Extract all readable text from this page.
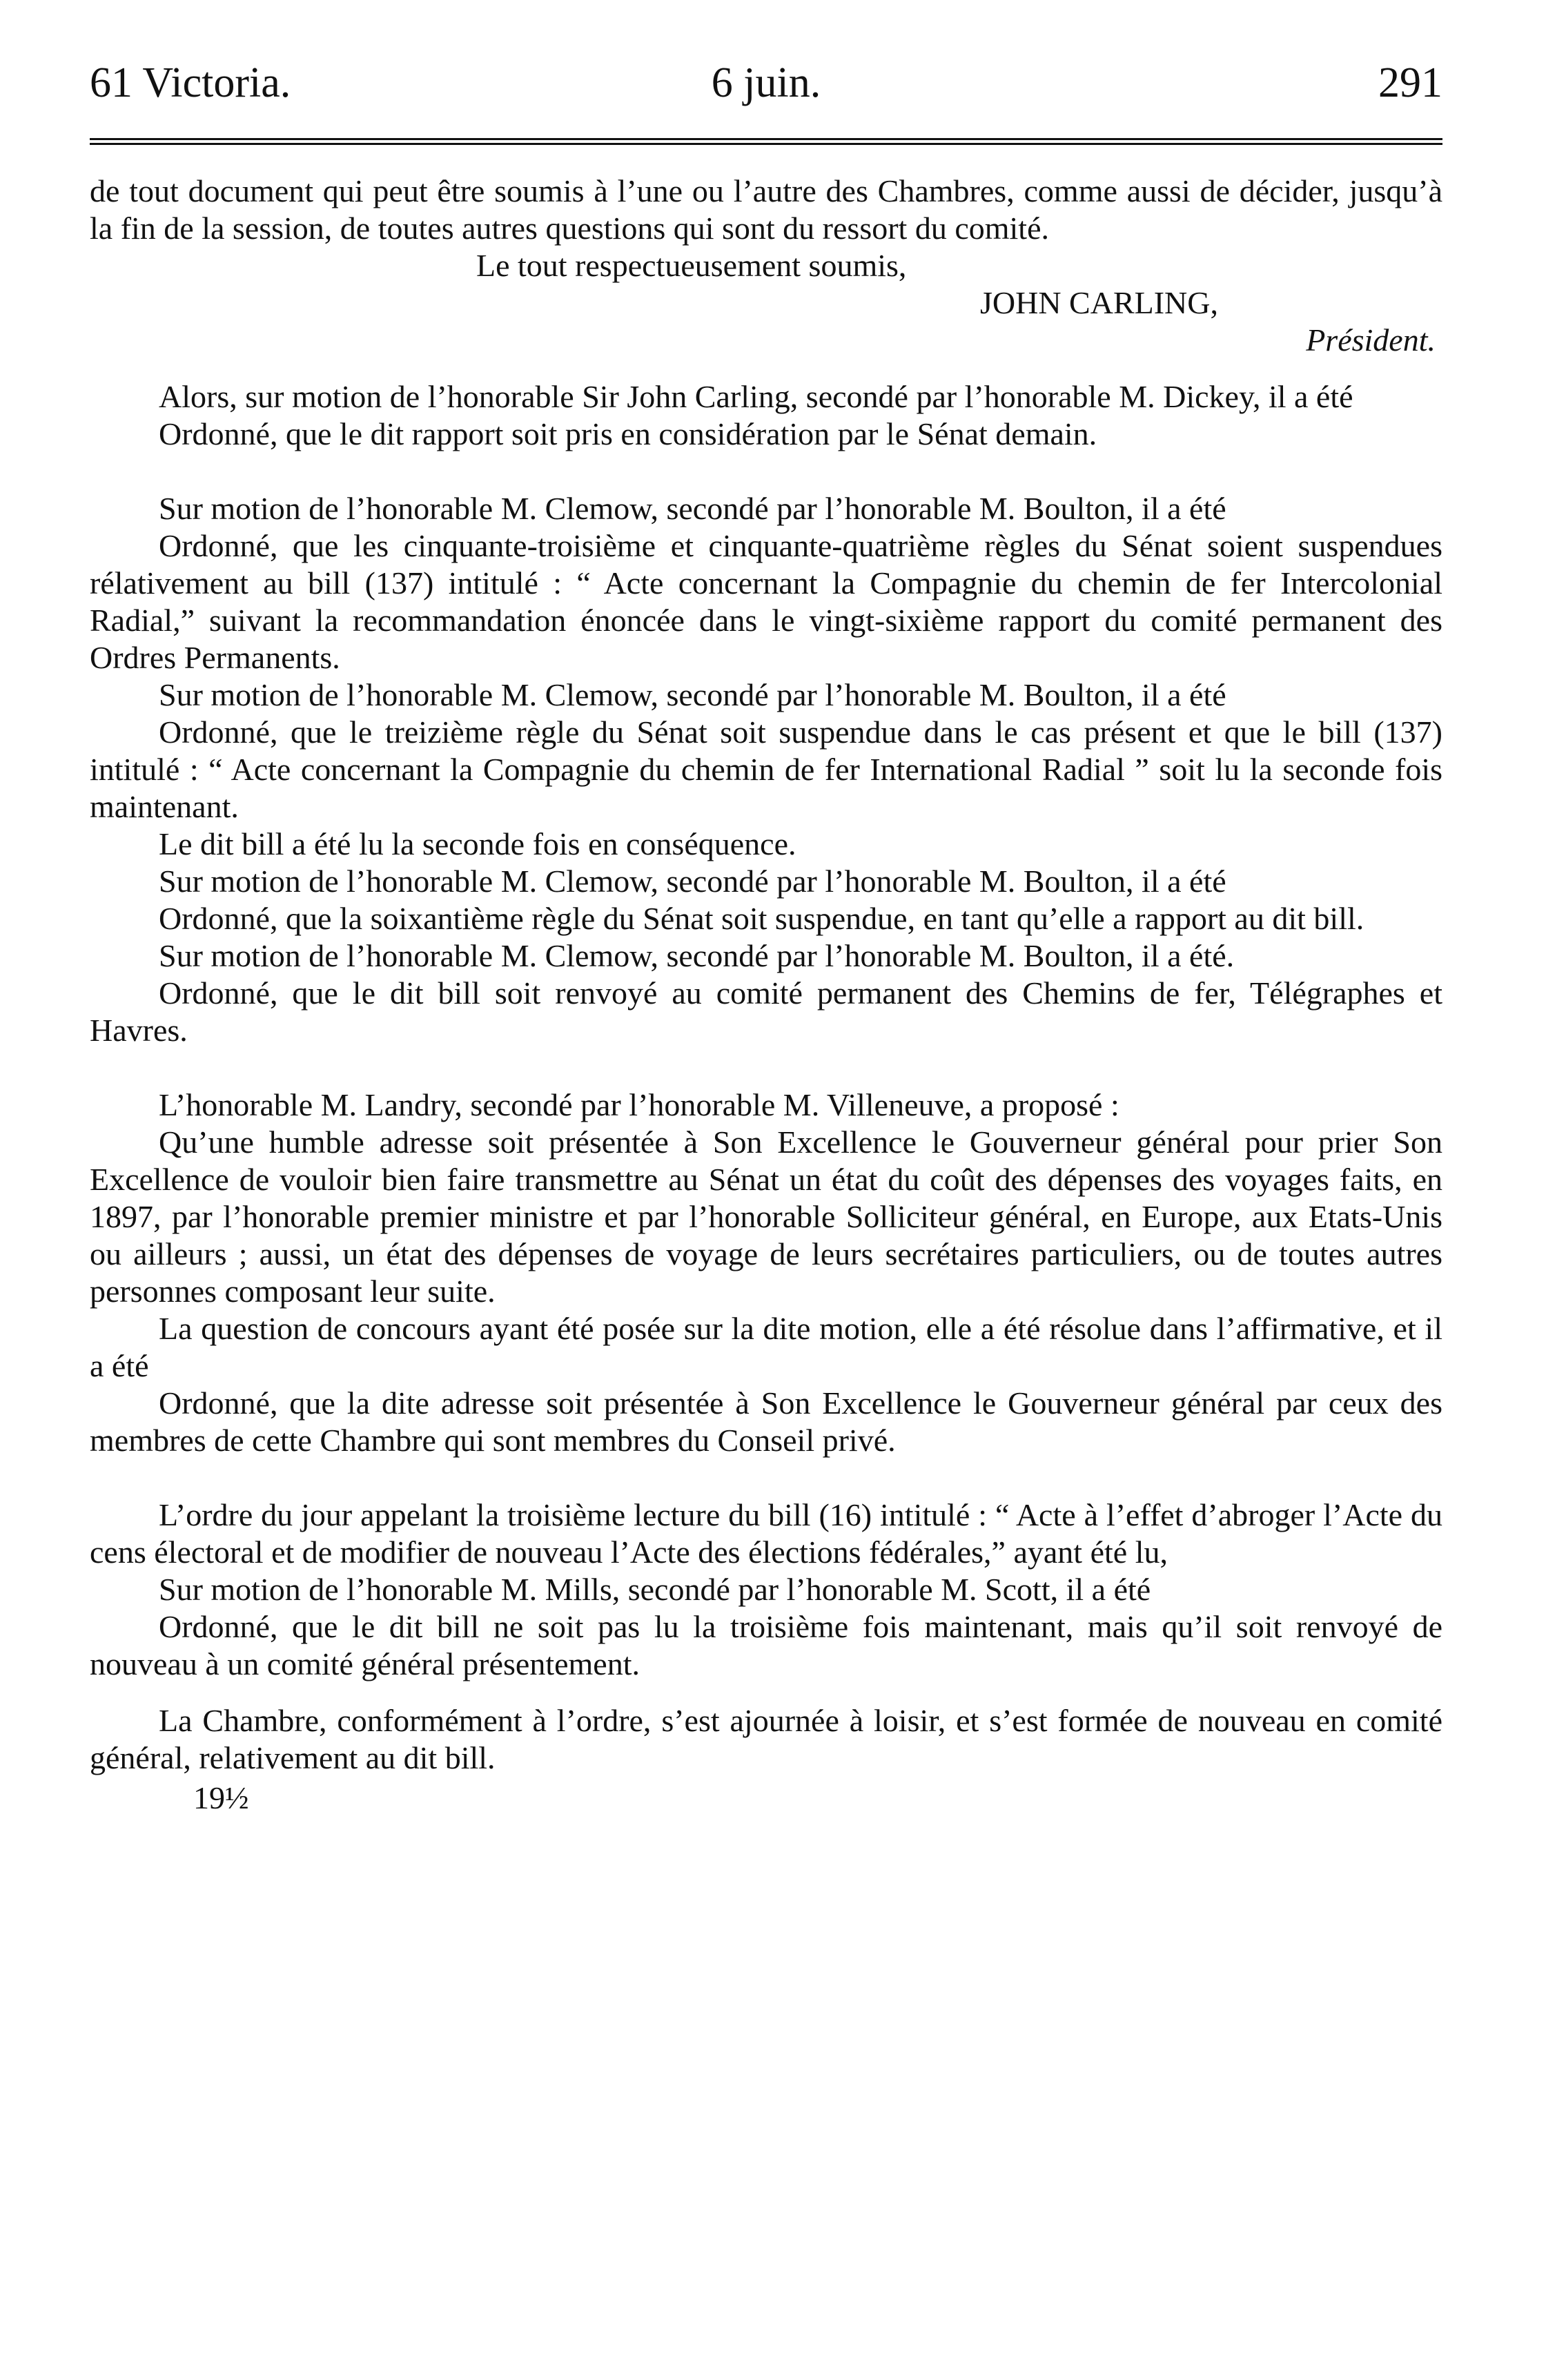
61 Victoria.	6 juin.	291

de tout document qui peut être soumis à l’une ou l’autre des Chambres, comme aussi de décider, jusqu’à la fin de la session, de toutes autres questions qui sont du ressort du comité.

Le tout respectueusement soumis,
JOHN CARLING,
Président.

Alors, sur motion de l’honorable Sir John Carling, secondé par l’honorable M. Dickey, il a été

Ordonné, que le dit rapport soit pris en considération par le Sénat demain.

Sur motion de l’honorable M. Clemow, secondé par l’honorable M. Boulton, il a été

Ordonné, que les cinquante-troisième et cinquante-quatrième règles du Sénat soient suspendues rélativement au bill (137) intitulé : “ Acte concernant la Compagnie du chemin de fer Intercolonial Radial,” suivant la recommandation énoncée dans le vingt-sixième rapport du comité permanent des Ordres Permanents.

Sur motion de l’honorable M. Clemow, secondé par l’honorable M. Boulton, il a été

Ordonné, que le treizième règle du Sénat soit suspendue dans le cas présent et que le bill (137) intitulé : “ Acte concernant la Compagnie du chemin de fer International Radial ” soit lu la seconde fois maintenant.

Le dit bill a été lu la seconde fois en conséquence.

Sur motion de l’honorable M. Clemow, secondé par l’honorable M. Boulton, il a été

Ordonné, que la soixantième règle du Sénat soit suspendue, en tant qu’elle a rapport au dit bill.

Sur motion de l’honorable M. Clemow, secondé par l’honorable M. Boulton, il a été.

Ordonné, que le dit bill soit renvoyé au comité permanent des Chemins de fer, Télégraphes et Havres.

L’honorable M. Landry, secondé par l’honorable M. Villeneuve, a proposé :

Qu’une humble adresse soit présentée à Son Excellence le Gouverneur général pour prier Son Excellence de vouloir bien faire transmettre au Sénat un état du coût des dépenses des voyages faits, en 1897, par l’honorable premier ministre et par l’honorable Solliciteur général, en Europe, aux Etats-Unis ou ailleurs ; aussi, un état des dépenses de voyage de leurs secrétaires particuliers, ou de toutes autres personnes composant leur suite.

La question de concours ayant été posée sur la dite motion, elle a été résolue dans l’affirmative, et il a été

Ordonné, que la dite adresse soit présentée à Son Excellence le Gouverneur général par ceux des membres de cette Chambre qui sont membres du Conseil privé.

L’ordre du jour appelant la troisième lecture du bill (16) intitulé : “ Acte à l’effet d’abroger l’Acte du cens électoral et de modifier de nouveau l’Acte des élections fédérales,” ayant été lu,

Sur motion de l’honorable M. Mills, secondé par l’honorable M. Scott, il a été

Ordonné, que le dit bill ne soit pas lu la troisième fois maintenant, mais qu’il soit renvoyé de nouveau à un comité général présentement.

La Chambre, conformément à l’ordre, s’est ajournée à loisir, et s’est formée de nouveau en comité général, relativement au dit bill.

19½
